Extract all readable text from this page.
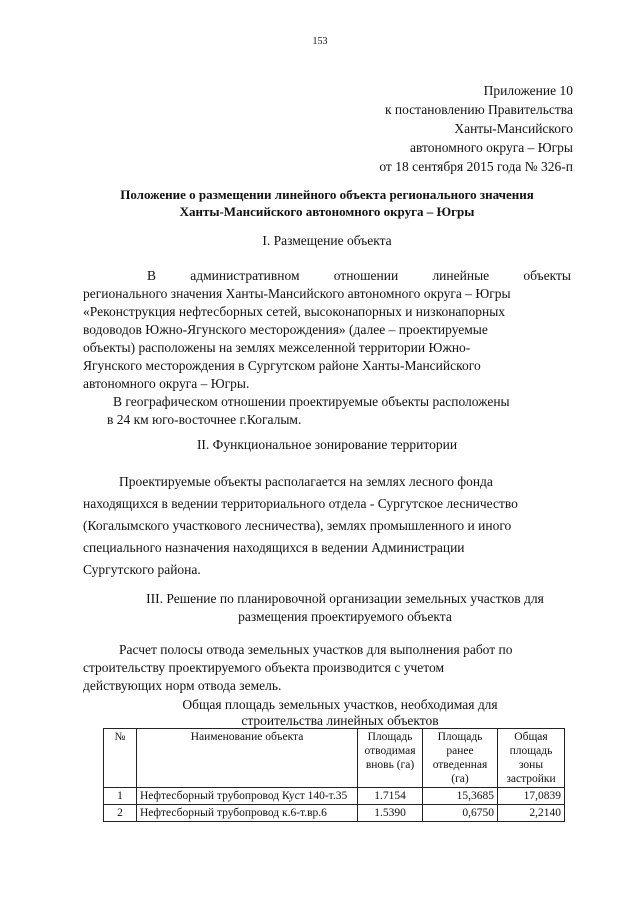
153
Приложение 10
к постановлению Правительства
Ханты-Мансийского
автономного округа – Югры
от 18 сентября 2015 года № 326-п
Положение о размещении линейного объекта регионального значения
Ханты-Мансийского автономного округа – Югры
I. Размещение объекта
В	административном	отношении	линейные	объекты
регионального значения Ханты-Мансийского автономного округа – Югры
«Реконструкция нефтесборных сетей, высоконапорных и низконапорных
водоводов Южно-Ягунского месторождения» (далее – проектируемые
объекты) расположены на землях межселенной территории Южно-
Ягунского месторождения в Сургутском районе Ханты-Мансийского
автономного округа – Югры.
В географическом отношении проектируемые объекты расположены
в 24 км юго-восточнее г.Когалым.
II. Функциональное зонирование территории
Проектируемые объекты располагается на землях лесного фонда
находящихся в ведении территориального отдела - Сургутское лесничество
(Когалымского участкового лесничества), землях промышленного и иного
специального назначения находящихся в ведении Администрации
Сургутского района.
III. Решение по планировочной организации земельных участков для
размещения проектируемого объекта
Расчет полосы отвода земельных участков для выполнения работ по
строительству проектируемого объекта производится с учетом
действующих норм отвода земель.
Общая площадь земельных участков, необходимая для
строительства линейных объектов
№	Наименование объекта	Площадь отводимая вновь (га)	Площадь ранее отведенная (га)	Общая площадь зоны застройки
1	Нефтесборный трубопровод Куст 140-т.35	1.7154	15,3685	17,0839
2	Нефтесборный трубопровод к.6-т.вр.6	1.5390	0,6750	2,2140
